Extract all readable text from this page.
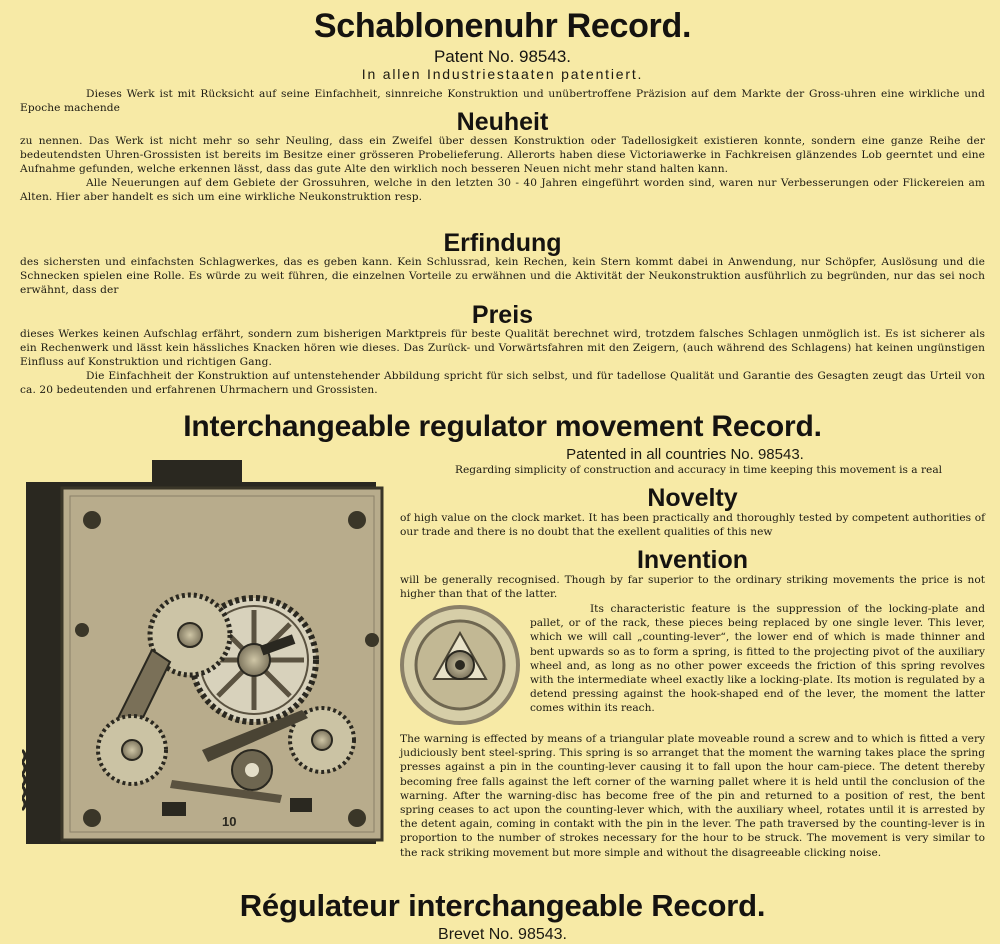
Schablonenuhr Record.
Patent No. 98543.
In allen Industriestaaten patentiert.

Dieses Werk ist mit Rücksicht auf seine Einfachheit, sinnreiche Konstruktion und unübertroffene Präzision auf dem Markte der Gross-uhren eine wirkliche und Epoche machende	Neuheit

zu nennen. Das Werk ist nicht mehr so sehr Neuling, dass ein Zweifel über dessen Konstruktion oder Tadellosigkeit existieren konnte, sondern eine ganze Reihe der bedeutendsten Uhren-Grossisten ist bereits im Besitze einer grösseren Probelieferung. Allerorts haben diese Victoriawerke in Fachkreisen glänzendes Lob geerntet und eine Aufnahme gefunden, welche erkennen lässt, dass das gute Alte den wirklich noch besseren Neuen nicht mehr stand halten kann.

Alle Neuerungen auf dem Gebiete der Grossuhren, welche in den letzten 30 - 40 Jahren eingeführt worden sind, waren nur Verbesserungen oder Flickereien am Alten. Hier aber handelt es sich um eine wirkliche Neukonstruktion resp.

Erfindung

des sichersten und einfachsten Schlagwerkes, das es geben kann. Kein Schlussrad, kein Rechen, kein Stern kommt dabei in Anwendung, nur Schöpfer, Auslösung und die Schnecken spielen eine Rolle. Es würde zu weit führen, die einzelnen Vorteile zu erwähnen und die Aktivität der Neukonstruktion ausführlich zu begründen, nur das sei noch erwähnt, dass der

Preis

dieses Werkes keinen Aufschlag erfährt, sondern zum bisherigen Marktpreis für beste Qualität berechnet wird, trotzdem falsches Schlagen unmöglich ist. Es ist sicherer als ein Rechenwerk und lässt kein hässliches Knacken hören wie dieses. Das Zurück- und Vorwärtsfahren mit den Zeigern, (auch während des Schlagens) hat keinen ungünstigen Einfluss auf Konstruktion und richtigen Gang.

Die Einfachheit der Konstruktion auf untenstehender Abbildung spricht für sich selbst, und für tadellose Qualität und Garantie des Gesagten zeugt das Urteil von ca. 20 bedeutenden und erfahrenen Uhrmachern und Grossisten.

Interchangeable regulator movement Record.
Patented in all countries No. 98543.
10

Regarding simplicity of construction and accuracy in time keeping this movement is a real

Novelty

of high value on the clock market. It has been practically and thoroughly tested by competent authorities of our trade and there is no doubt that the exellent qualities of this new

Invention

will be generally recognised. Though by far superior to the ordinary striking movements the price is not higher than that of the latter.

Its characteristic feature is the suppression of the locking-plate and pallet, or of the rack, these pieces being replaced by one single lever. This lever, which we will call „counting-lever“, the lower end of which is made thinner and bent upwards so as to form a spring, is fitted to the projecting pivot of the auxiliary wheel and, as long as no other power exceeds the friction of this spring revolves with the intermediate wheel exactly like a locking-plate. Its motion is regulated by a detend pressing against the hook-shaped end of the lever, the moment the latter comes within its reach.

The warning is effected by means of a triangular plate moveable round a screw and to which is fitted a very judiciously bent steel-spring. This spring is so arranget that the moment the warning takes place the spring presses against a pin in the counting-lever causing it to fall upon the hour cam-piece. The detent thereby becoming free falls against the left corner of the warning pallet where it is held until the conclusion of the warning. After the warning-disc has become free of the pin and returned to a position of rest, the bent spring ceases to act upon the counting-lever which, with the auxiliary wheel, rotates until it is arrested by the detent again, coming in contakt with the pin in the lever. The path traversed by the counting-lever is in proportion to the number of strokes necessary for the hour to be struck. The movement is very similar to the rack striking movement but more simple and without the disagreeable clicking noise.

Régulateur interchangeable Record.
Brevet No. 98543.
